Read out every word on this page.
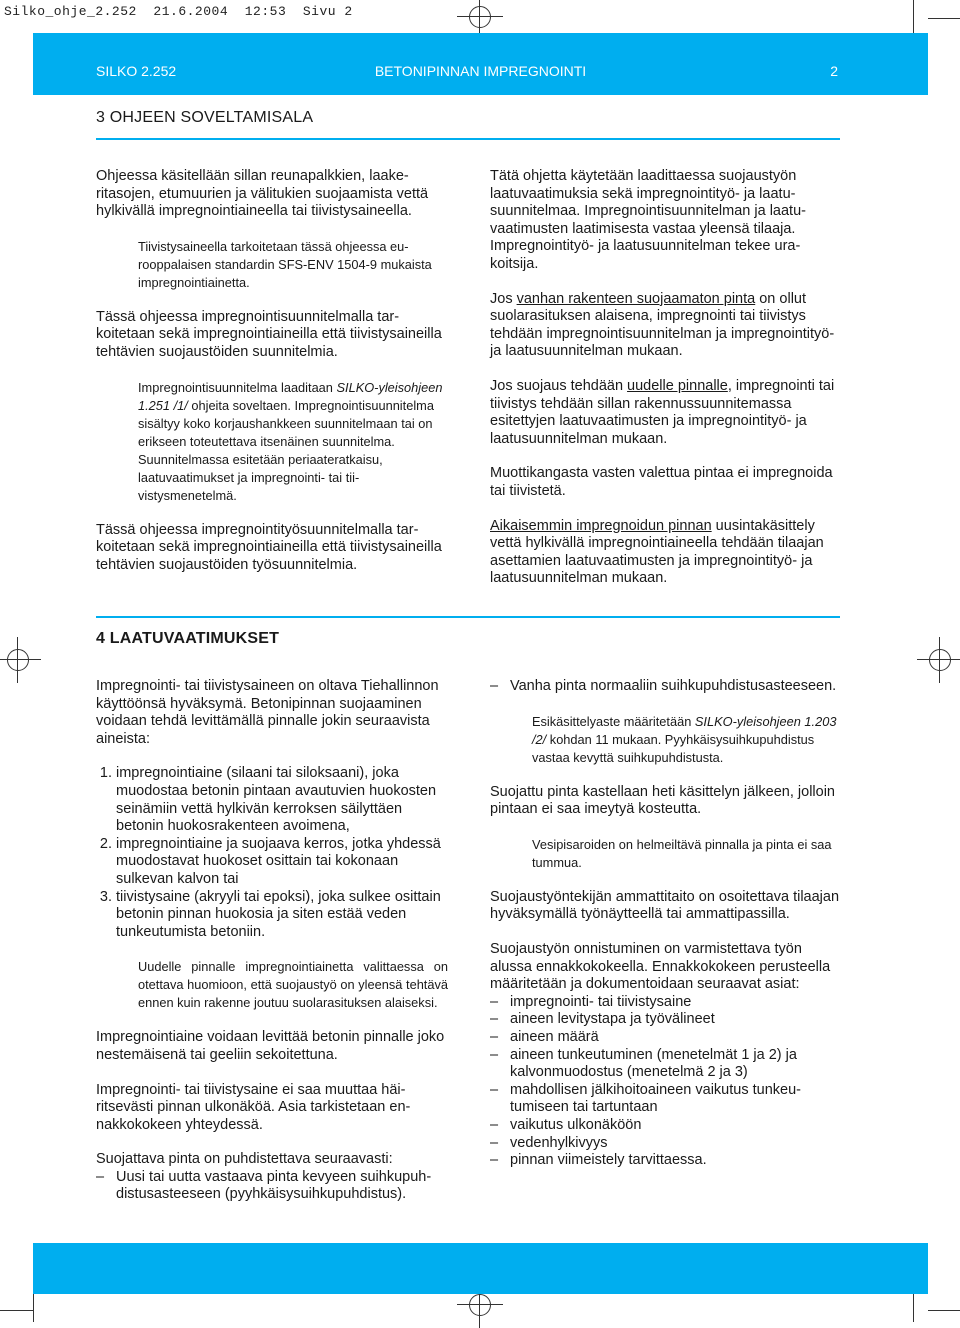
Silko_ohje_2.252  21.6.2004  12:53  Sivu 2
SILKO 2.252	BETONIPINNAN IMPREGNOINTI	2
3 OHJEEN SOVELTAMISALA

Ohjeessa käsitellään sillan reunapalkkien, laakeritasojen, etumuurien ja välitukien suojaamista vettä hylkivällä impregnointiaineella tai tiivistysaineella.

Tiivistysaineella tarkoitetaan tässä ohjeessa eurooppalaisen standardin SFS-ENV 1504-9 mukaista impregnointiainetta.

Tässä ohjeessa impregnointisuunnitelmalla tarkoitetaan sekä impregnointiaineilla että tiivistysaineilla tehtävien suojaustöiden suunnitelmia.

Impregnointisuunnitelma laaditaan SILKO-yleisohjeen 1.251 /1/ ohjeita soveltaen. Impregnointisuunnitelma sisältyy koko korjaushankkeen suunnitelmaan tai on erikseen toteutettava itsenäinen suunnitelma. Suunnitelmassa esitetään periaateratkaisu, laatuvaatimukset ja impregnointi- tai tiivistysmenetelmä.

Tässä ohjeessa impregnointityösuunnitelmalla tarkoitetaan sekä impregnointiaineilla että tiivistysaineilla tehtävien suojaustöiden työsuunnitelmia.

Tätä ohjetta käytetään laadittaessa suojaustyön laatuvaatimuksia sekä impregnointityö- ja laatusuunnitelmaa. Impregnointisuunnitelman ja laatuvaatimusten laatimisesta vastaa yleensä tilaaja. Impregnointityö- ja laatusuunnitelman tekee urakoitsija.

Jos vanhan rakenteen suojaamaton pinta on ollut suolarasituksen alaisena, impregnointi tai tiivistys tehdään impregnointisuunnitelman ja impregnointityö- ja laatusuunnitelman mukaan.

Jos suojaus tehdään uudelle pinnalle, impregnointi tai tiivistys tehdään sillan rakennussuunnitemassa esitettyjen laatuvaatimusten ja impregnointityö- ja laatusuunnitelman mukaan.

Muottikangasta vasten valettua pintaa ei impregnoida tai tiivistetä.

Aikaisemmin impregnoidun pinnan uusintakäsittely vettä hylkivällä impregnointiaineella tehdään tilaajan asettamien laatuvaatimusten ja impregnointityö- ja laatusuunnitelman mukaan.

4 LAATUVAATIMUKSET

Impregnointi- tai tiivistysaineen on oltava Tiehallinnon käyttöönsä hyväksymä. Betonipinnan suojaaminen voidaan tehdä levittämällä pinnalle jokin seuraavista aineista:

1. impregnointiaine (silaani tai siloksaani), joka muodostaa betonin pintaan avautuvien huokosten seinämiin vettä hylkivän kerroksen säilyttäen betonin huokosrakenteen avoimena,
2. impregnointiaine ja suojaava kerros, jotka yhdessä muodostavat huokoset osittain tai kokonaan sulkevan kalvon tai
3. tiivistysaine (akryyli tai epoksi), joka sulkee osittain betonin pinnan huokosia ja siten estää veden tunkeutumista betoniin.

Uudelle pinnalle impregnointiainetta valittaessa on otettava huomioon, että suojaustyö on yleensä tehtävä ennen kuin rakenne joutuu suolarasituksen alaiseksi.

Impregnointiaine voidaan levittää betonin pinnalle joko nestemäisenä tai geeliin sekoitettuna.

Impregnointi- tai tiivistysaine ei saa muuttaa häiritsevästi pinnan ulkonäköä. Asia tarkistetaan ennakkokokeen yhteydessä.

Suojattava pinta on puhdistettava seuraavasti:

– Uusi tai uutta vastaava pinta kevyeen suihkupuhdistusasteeseen (pyyhkäisysuihkupuhdistus).
– Vanha pinta normaaliin suihkupuhdistusasteeseen.

Esikäsittelyaste määritetään SILKO-yleisohjeen 1.203 /2/ kohdan 11 mukaan. Pyyhkäisysuihkupuhdistus vastaa kevyttä suihkupuhdistusta.

Suojattu pinta kastellaan heti käsittelyn jälkeen, jolloin pintaan ei saa imeytyä kosteutta.

Vesipisaroiden on helmeiltävä pinnalla ja pinta ei saa tummua.

Suojaustyöntekijän ammattitaito on osoitettava tilaajan hyväksymällä työnäytteellä tai ammattipassilla.

Suojaustyön onnistuminen on varmistettava työn alussa ennakkokokeella. Ennakkokokeen perusteella määritetään ja dokumentoidaan seuraavat asiat:

– impregnointi- tai tiivistysaine
– aineen levitystapa ja työvälineet
– aineen määrä
– aineen tunkeutuminen (menetelmät 1 ja 2) ja kalvonmuodostus (menetelmä 2 ja 3)
– mahdollisen jälkihoitoaineen vaikutus tunkeutumiseen tai tartuntaan
– vaikutus ulkonäköön
– vedenhylkivyys
– pinnan viimeistely tarvittaessa.
